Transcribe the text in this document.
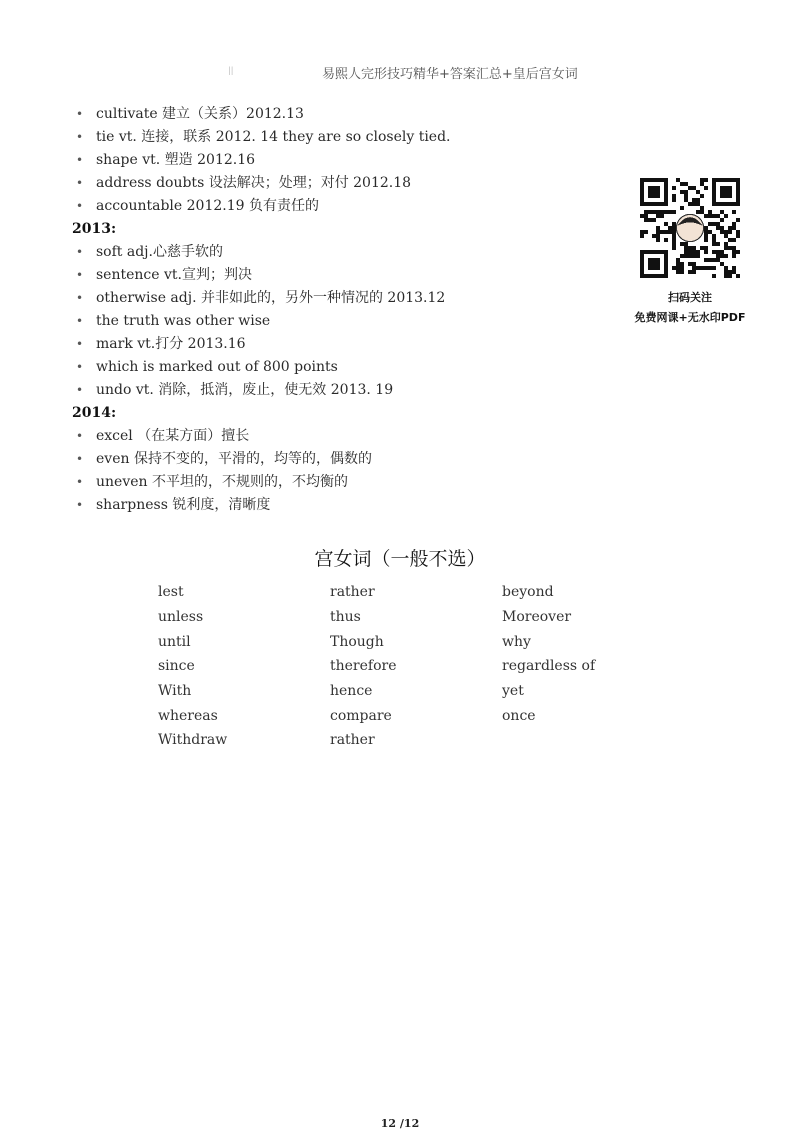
||	易熙人完形技巧精华+答案汇总+皇后宫女词
• cultivate 建立（关系）2012.13
• tie vt. 连接，联系 2012. 14 they are so closely tied.
• shape vt. 塑造 2012.16
• address doubts 设法解决；处理；对付 2012.18
• accountable 2012.19 负有责任的
2013:
• soft adj.心慈手软的
• sentence vt.宣判；判决
• otherwise adj. 并非如此的，另外一种情况的 2013.12
• the truth was other wise
• mark vt.打分 2013.16
• which is marked out of 800 points
• undo vt. 消除，抵消，废止，使无效 2013. 19
2014:
• excel （在某方面）擅长
• even 保持不变的，平滑的，均等的，偶数的
• uneven 不平坦的，不规则的，不均衡的
• sharpness 锐利度，清晰度
扫码关注
免费网课+无水印PDF
宫女词（一般不选）
lest	rather	beyond
unless	thus	Moreover
until	Though	why
since	therefore	regardless of
With	hence	yet
whereas	compare	once
Withdraw	rather	
12 /12
